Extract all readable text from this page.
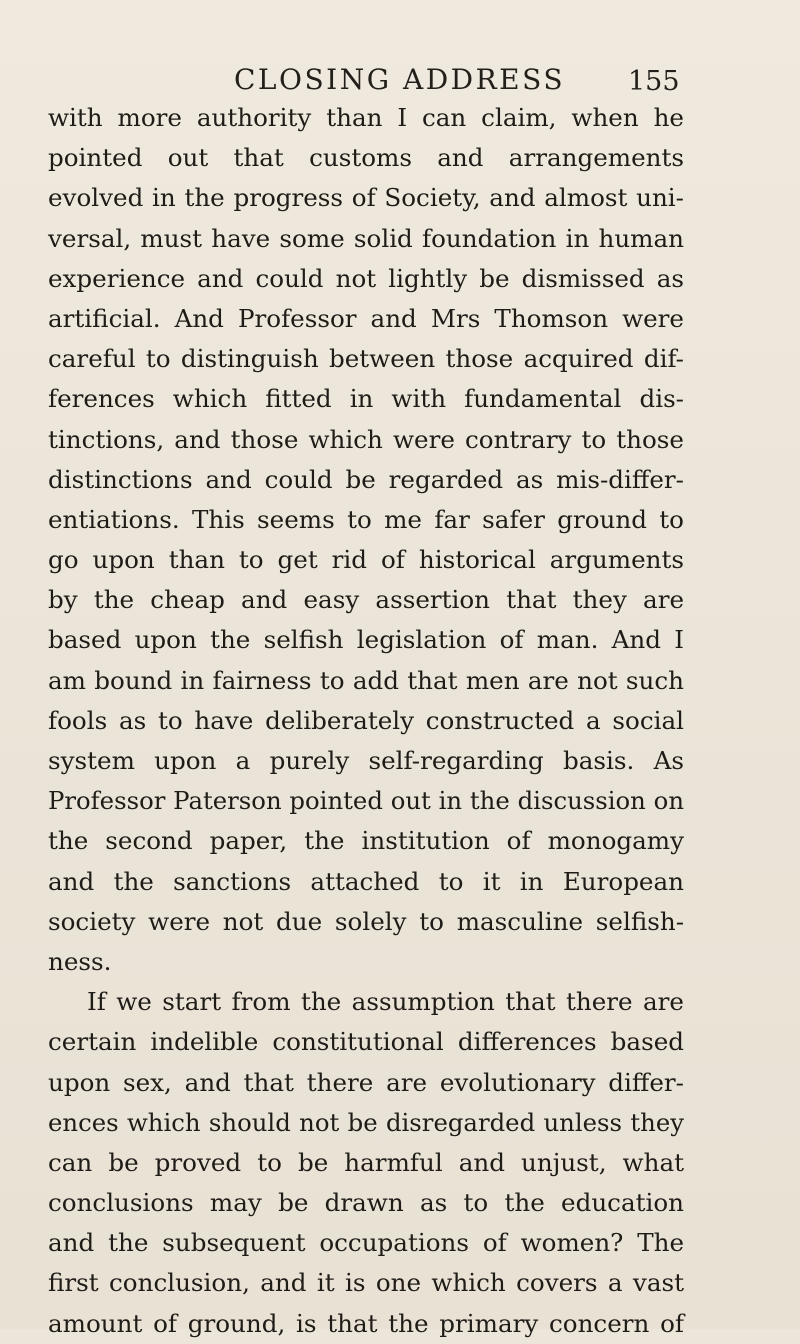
CLOSING ADDRESS 155
with more authority than I can claim, when he
pointed out that customs and arrangements
evolved in the progress of Society, and almost uni-
versal, must have some solid foundation in human
experience and could not lightly be dismissed as
artificial. And Professor and Mrs Thomson were
careful to distinguish between those acquired dif-
ferences which fitted in with fundamental dis-
tinctions, and those which were contrary to those
distinctions and could be regarded as mis-differ-
entiations. This seems to me far safer ground to
go upon than to get rid of historical arguments
by the cheap and easy assertion that they are
based upon the selfish legislation of man. And I
am bound in fairness to add that men are not such
fools as to have deliberately constructed a social
system upon a purely self-regarding basis. As
Professor Paterson pointed out in the discussion on
the second paper, the institution of monogamy
and the sanctions attached to it in European
society were not due solely to masculine selfish-
ness.
If we start from the assumption that there are
certain indelible constitutional differences based
upon sex, and that there are evolutionary differ-
ences which should not be disregarded unless they
can be proved to be harmful and unjust, what
conclusions may be drawn as to the education
and the subsequent occupations of women? The
first conclusion, and it is one which covers a vast
amount of ground, is that the primary concern of
